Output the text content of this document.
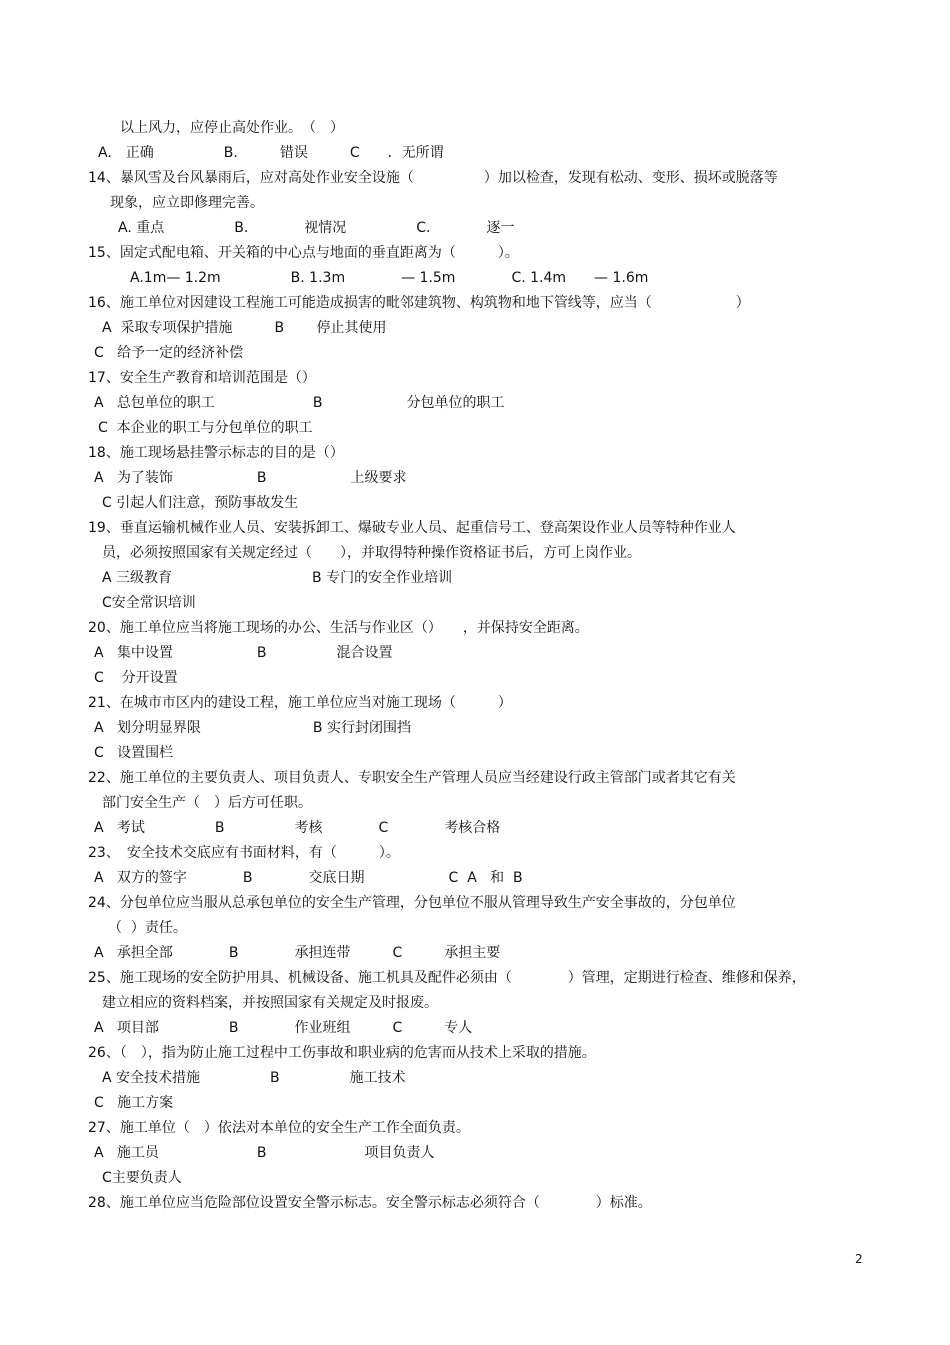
以上风力，应停止高处作业。　（　）
A.　正确　　　　　B.　　　错误　　　C　　．无所谓
14、暴风雪及台风暴雨后，应对高处作业安全设施（　　　　　）加以检查，发现有松动、变形、损坏或脱落等
现象，应立即修理完善。
A. 重点　　　　　B.　　　　视情况　　　　　C.　　　　逐一
15、固定式配电箱、开关箱的中心点与地面的垂直距离为（　　　）。
A.1m— 1.2m　　　　　B. 1.3m　　　　— 1.5m　　　　C. 1.4m　　— 1.6m
16、施工单位对因建设工程施工可能造成损害的毗邻建筑物、构筑物和地下管线等，应当（　　　　　　）
A  采取专项保护措施　　　B　　 停止其使用
C   给予一定的经济补偿
17、安全生产教育和培训范围是（）
A   总包单位的职工　　　　　　　B　　　　　　分包单位的职工
C  本企业的职工与分包单位的职工
18、施工现场悬挂警示标志的目的是（）
A   为了装饰　　　　　　B　　　　　　上级要求
C 引起人们注意，预防事故发生
19、垂直运输机械作业人员、安装拆卸工、爆破专业人员、起重信号工、登高架设作业人员等特种作业人
员，必须按照国家有关规定经过（　　），并取得特种操作资格证书后，方可上岗作业。
A 三级教育　　　　　　　　　　B 专门的安全作业培训
C安全常识培训
20、施工单位应当将施工现场的办公、生活与作业区（）　　，并保持安全距离。
A   集中设置　　　　　　B　　　　　混合设置
C    分开设置
21、在城市市区内的建设工程，施工单位应当对施工现场（　　　）
A   划分明显界限　　　　　　　　B 实行封闭围挡
C   设置围栏
22、施工单位的主要负责人、项目负责人、专职安全生产管理人员应当经建设行政主管部门或者其它有关
部门安全生产（　）后方可任职。
A   考试　　　　　B　　　　　考核　　　　C　　　　考核合格
23、　安全技术交底应有书面材料，有（　　　）。
A   双方的签字　　　　B　　　　交底日期　　　　　　C  A   和  B
24、分包单位应当服从总承包单位的安全生产管理，分包单位不服从管理导致生产安全事故的，分包单位
（  ）责任。
A   承担全部　　　　B　　　　承担连带　　　C　　　承担主要
25、施工现场的安全防护用具、机械设备、施工机具及配件必须由（　　　　）管理，定期进行检查、维修和保养，
建立相应的资料档案，并按照国家有关规定及时报废。
A   项目部　　　　　B　　　　作业班组　　　C　　　专人
26、（　），指为防止施工过程中工伤事故和职业病的危害而从技术上采取的措施。
A 安全技术措施　　　　　B　　　　　施工技术
C   施工方案
27、施工单位（　）依法对本单位的安全生产工作全面负责。
A   施工员　　　　　　　B　　　　　　　项目负责人
C主要负责人
28、施工单位应当危险部位设置安全警示标志。安全警示标志必须符合（　　　　）标准。
2
